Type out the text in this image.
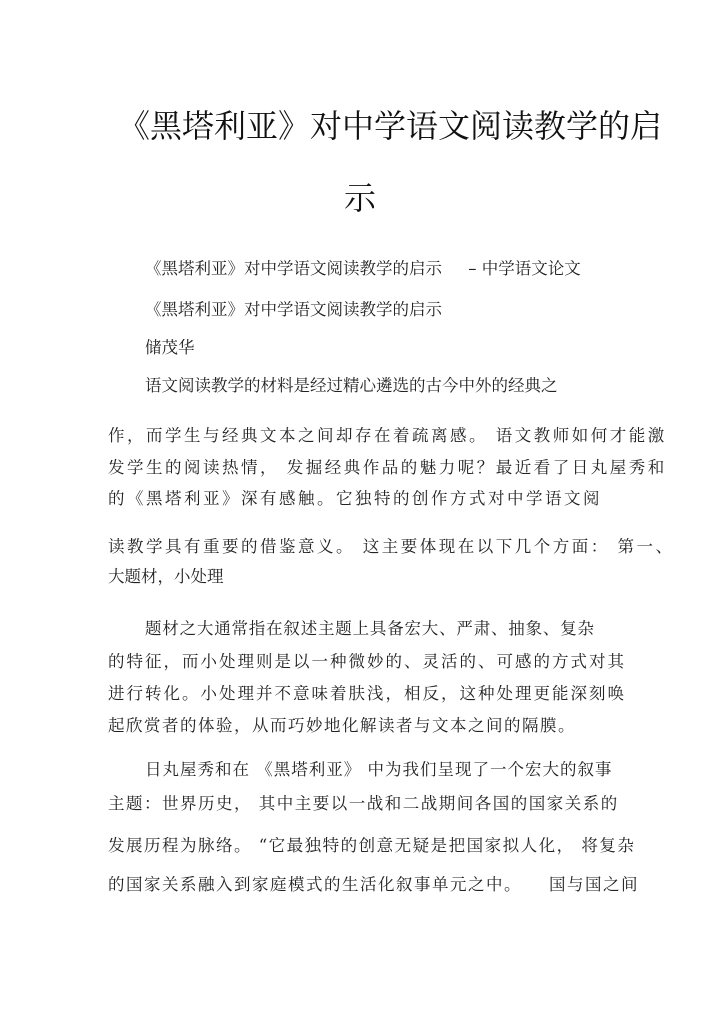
《黑塔利亚》对中学语文阅读教学的启
示
《黑塔利亚》对中学语文阅读教学的启示     – 中学语文论文
《黑塔利亚》对中学语文阅读教学的启示
储茂华
语文阅读教学的材料是经过精心遴选的古今中外的经典之
作，而学生与经典文本之间却存在着疏离感。 语文教师如何才能激
发学生的阅读热情， 发掘经典作品的魅力呢？最近看了日丸屋秀和
的《黑塔利亚》深有感触。它独特的创作方式对中学语文阅
读教学具有重要的借鉴意义。 这主要体现在以下几个方面： 第一、
大题材，小处理
题材之大通常指在叙述主题上具备宏大、严肃、抽象、复杂
的特征，而小处理则是以一种微妙的、灵活的、可感的方式对其
进行转化。小处理并不意味着肤浅，相反，这种处理更能深刻唤
起欣赏者的体验，从而巧妙地化解读者与文本之间的隔膜。
日丸屋秀和在 《黑塔利亚》 中为我们呈现了一个宏大的叙事
主题：世界历史， 其中主要以一战和二战期间各国的国家关系的
发展历程为脉络。 “它最独特的创意无疑是把国家拟人化， 将复杂
的国家关系融入到家庭模式的生活化叙事单元之中。    国与国之间
